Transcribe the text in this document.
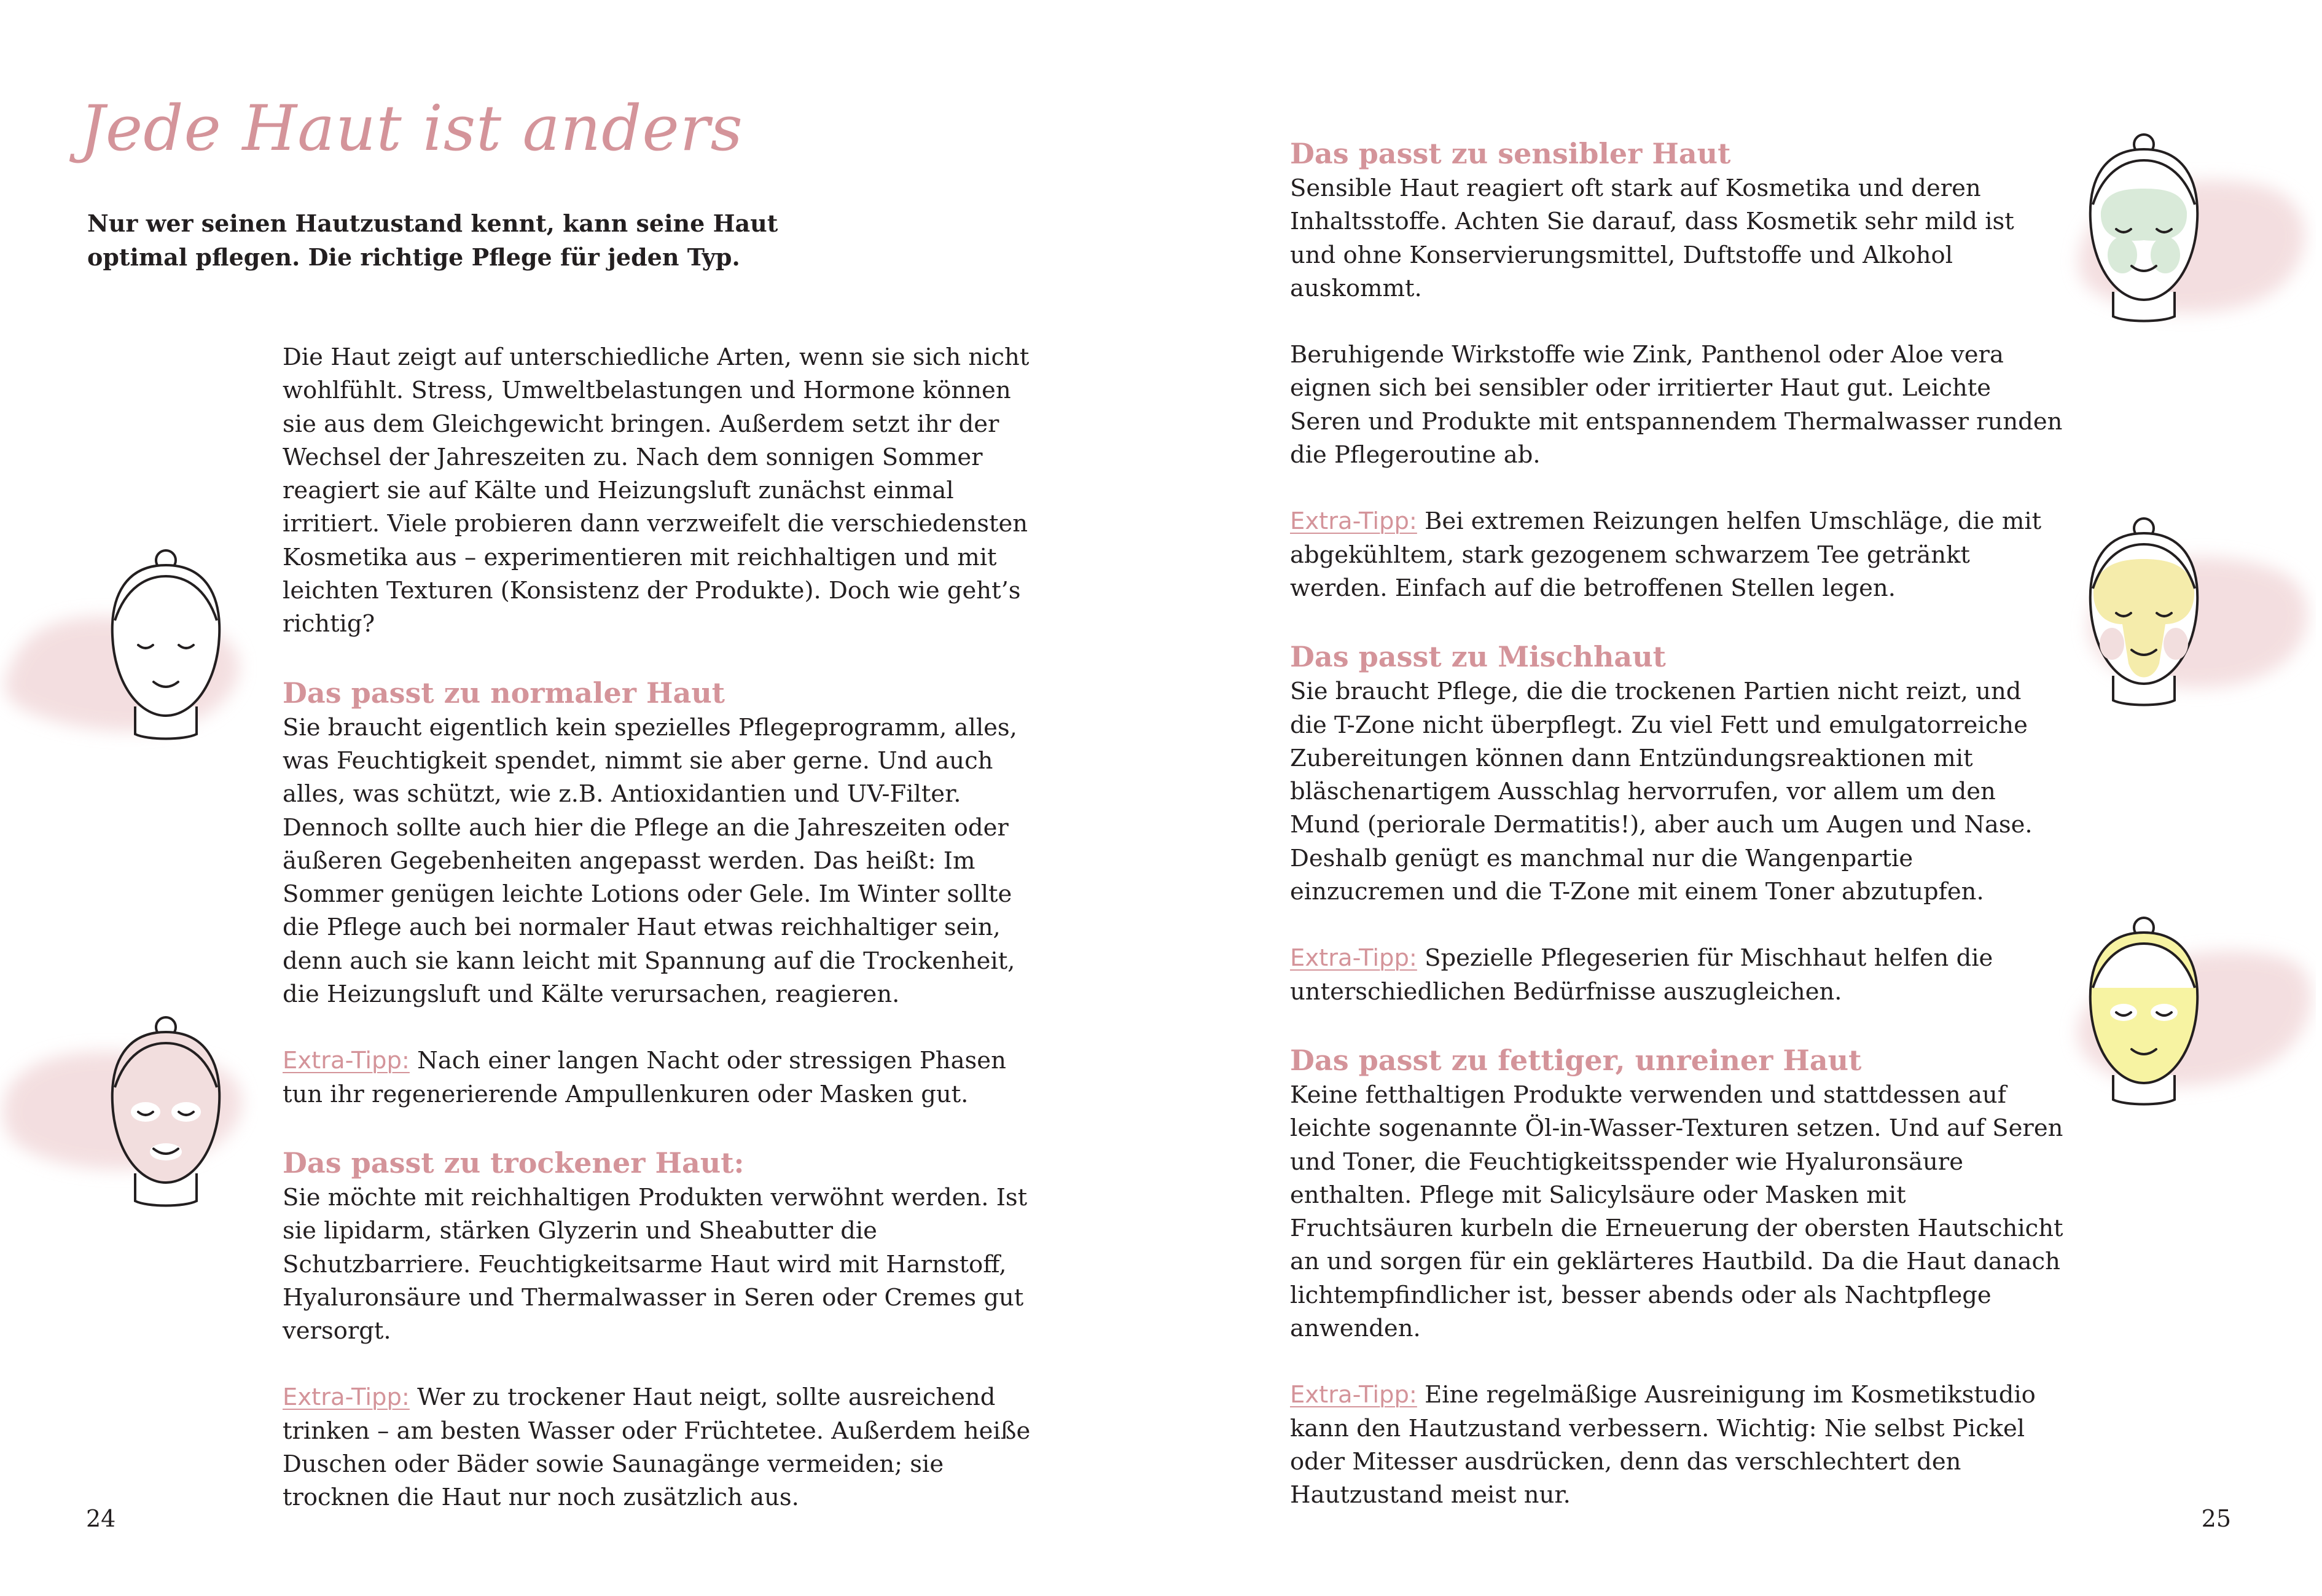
Jede Haut ist anders

Nur wer seinen Hautzustand kennt, kann seine Haut optimal pflegen. Die richtige Pflege für jeden Typ.

Die Haut zeigt auf unterschiedliche Arten, wenn sie sich nicht wohlfühlt. Stress, Umweltbelastungen und Hormone können sie aus dem Gleichgewicht bringen. Außerdem setzt ihr der Wechsel der Jahreszeiten zu. Nach dem sonnigen Sommer reagiert sie auf Kälte und Heizungsluft zunächst einmal irritiert. Viele probieren dann verzweifelt die verschiedensten Kosmetika aus – experimentieren mit reichhaltigen und mit leichten Texturen (Konsistenz der Produkte). Doch wie geht’s richtig?

Das passt zu normaler Haut

Sie braucht eigentlich kein spezielles Pflegeprogramm, alles, was Feuchtigkeit spendet, nimmt sie aber gerne. Und auch alles, was schützt, wie z.B. Antioxidantien und UV-Filter. Dennoch sollte auch hier die Pflege an die Jahreszeiten oder äußeren Gegebenheiten angepasst werden. Das heißt: Im Sommer genügen leichte Lotions oder Gele. Im Winter sollte die Pflege auch bei normaler Haut etwas reichhaltiger sein, denn auch sie kann leicht mit Spannung auf die Trockenheit, die Heizungsluft und Kälte verursachen, reagieren.

Extra-Tipp: Nach einer langen Nacht oder stressigen Phasen tun ihr regenerierende Ampullenkuren oder Masken gut.

Das passt zu trockener Haut:

Sie möchte mit reichhaltigen Produkten verwöhnt werden. Ist sie lipidarm, stärken Glyzerin und Sheabutter die Schutzbarriere. Feuchtigkeitsarme Haut wird mit Harnstoff, Hyaluronsäure und Thermalwasser in Seren oder Cremes gut versorgt.

Extra-Tipp: Wer zu trockener Haut neigt, sollte ausreichend trinken – am besten Wasser oder Früchtetee. Außerdem heiße Duschen oder Bäder sowie Saunagänge vermeiden; sie trocknen die Haut nur noch zusätzlich aus.

24
Das passt zu sensibler Haut

Sensible Haut reagiert oft stark auf Kosmetika und deren Inhaltsstoffe. Achten Sie darauf, dass Kosmetik sehr mild ist und ohne Konservierungsmittel, Duftstoffe und Alkohol auskommt.

Beruhigende Wirkstoffe wie Zink, Panthenol oder Aloe vera eignen sich bei sensibler oder irritierter Haut gut. Leichte Seren und Produkte mit entspannendem Thermalwasser runden die Pflegeroutine ab.

Extra-Tipp: Bei extremen Reizungen helfen Umschläge, die mit abgekühltem, stark gezogenem schwarzem Tee getränkt werden. Einfach auf die betroffenen Stellen legen.

Das passt zu Mischhaut

Sie braucht Pflege, die die trockenen Partien nicht reizt, und die T-Zone nicht überpflegt. Zu viel Fett und emulgatorreiche Zubereitungen können dann Entzündungsreaktionen mit bläschenartigem Ausschlag hervorrufen, vor allem um den Mund (periorale Dermatitis!), aber auch um Augen und Nase. Deshalb genügt es manchmal nur die Wangenpartie einzucremen und die T-Zone mit einem Toner abzutupfen.

Extra-Tipp: Spezielle Pflegeserien für Mischhaut helfen die unterschiedlichen Bedürfnisse auszugleichen.

Das passt zu fettiger, unreiner Haut

Keine fetthaltigen Produkte verwenden und stattdessen auf leichte sogenannte Öl-in-Wasser-Texturen setzen. Und auf Seren und Toner, die Feuchtigkeitsspender wie Hyaluronsäure enthalten. Pflege mit Salicylsäure oder Masken mit Fruchtsäuren kurbeln die Erneuerung der obersten Hautschicht an und sorgen für ein geklärteres Hautbild. Da die Haut danach lichtempfindlicher ist, besser abends oder als Nachtpflege anwenden.

Extra-Tipp: Eine regelmäßige Ausreinigung im Kosmetikstudio kann den Hautzustand verbessern. Wichtig: Nie selbst Pickel oder Mitesser ausdrücken, denn das verschlechtert den Hautzustand meist nur.

25
